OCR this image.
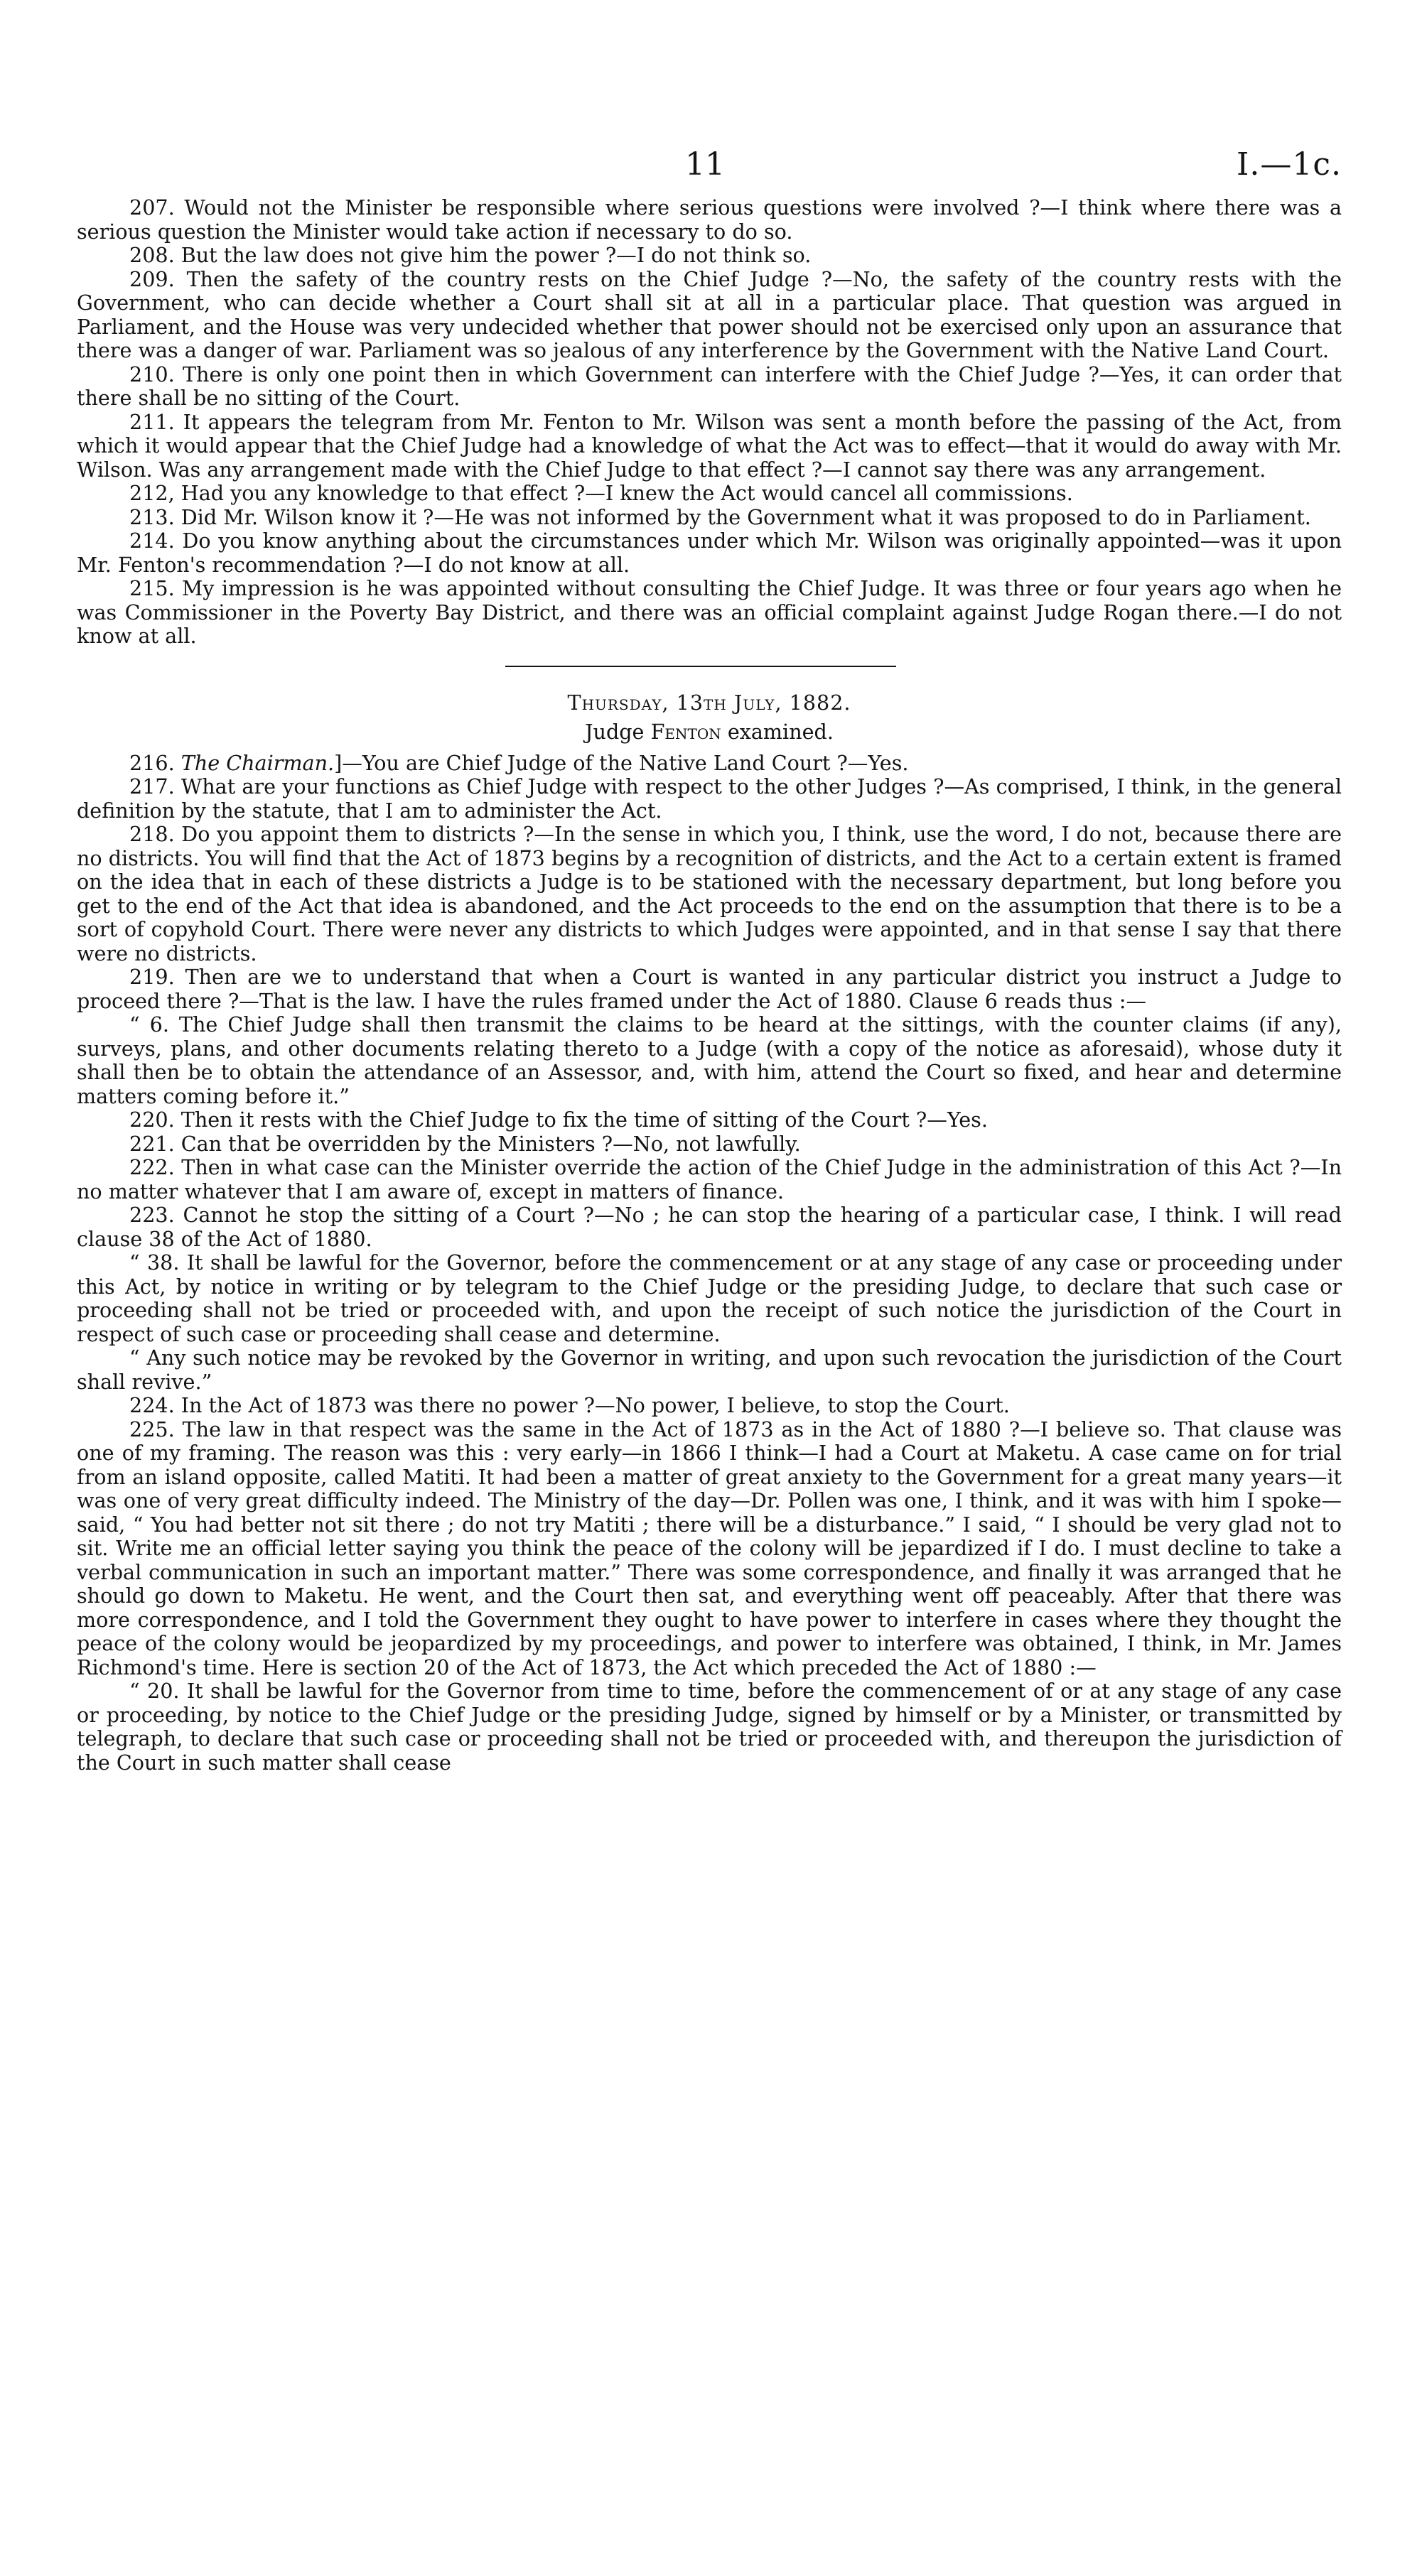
11	I.—1c.

207. Would not the Minister be responsible where serious questions were involved ?—I think where there was a serious question the Minister would take action if necessary to do so.

208. But the law does not give him the power ?—I do not think so.

209. Then the safety of the country rests on the Chief Judge ?—No, the safety of the country rests with the Government, who can decide whether a Court shall sit at all in a particular place. That question was argued in Parliament, and the House was very undecided whether that power should not be exercised only upon an assurance that there was a danger of war. Parliament was so jealous of any interference by the Government with the Native Land Court.

210. There is only one point then in which Government can interfere with the Chief Judge ?—Yes, it can order that there shall be no sitting of the Court.

211. It appears the telegram from Mr. Fenton to Mr. Wilson was sent a month before the passing of the Act, from which it would appear that the Chief Judge had a knowledge of what the Act was to effect—that it would do away with Mr. Wilson. Was any arrangement made with the Chief Judge to that effect ?—I cannot say there was any arrangement.

212, Had you any knowledge to that effect ?—I knew the Act would cancel all commissions.

213. Did Mr. Wilson know it ?—He was not informed by the Government what it was proposed to do in Parliament.

214. Do you know anything about the circumstances under which Mr. Wilson was originally appointed—was it upon Mr. Fenton's recommendation ?—I do not know at all.

215. My impression is he was appointed without consulting the Chief Judge. It was three or four years ago when he was Commissioner in the Poverty Bay District, and there was an official complaint against Judge Rogan there.—I do not know at all.

Thursday, 13th July, 1882.

Judge Fenton examined.

216. The Chairman.]—You are Chief Judge of the Native Land Court ?—Yes.

217. What are your functions as Chief Judge with respect to the other Judges ?—As comprised, I think, in the general definition by the statute, that I am to administer the Act.

218. Do you appoint them to districts ?—In the sense in which you, I think, use the word, I do not, because there are no districts. You will find that the Act of 1873 begins by a recognition of districts, and the Act to a certain extent is framed on the idea that in each of these districts a Judge is to be stationed with the necessary department, but long before you get to the end of the Act that idea is abandoned, and the Act proceeds to the end on the assumption that there is to be a sort of copyhold Court. There were never any districts to which Judges were appointed, and in that sense I say that there were no districts.

219. Then are we to understand that when a Court is wanted in any particular district you instruct a Judge to proceed there ?—That is the law. I have the rules framed under the Act of 1880. Clause 6 reads thus :—

“ 6. The Chief Judge shall then transmit the claims to be heard at the sittings, with the counter claims (if any), surveys, plans, and other documents relating thereto to a Judge (with a copy of the notice as aforesaid), whose duty it shall then be to obtain the attendance of an Assessor, and, with him, attend the Court so fixed, and hear and determine matters coming before it.”

220. Then it rests with the Chief Judge to fix the time of sitting of the Court ?—Yes.

221. Can that be overridden by the Ministers ?—No, not lawfully.

222. Then in what case can the Minister override the action of the Chief Judge in the administration of this Act ?—In no matter whatever that I am aware of, except in matters of finance.

223. Cannot he stop the sitting of a Court ?—No ; he can stop the hearing of a particular case, I think. I will read clause 38 of the Act of 1880.

“ 38. It shall be lawful for the Governor, before the commencement or at any stage of any case or proceeding under this Act, by notice in writing or by telegram to the Chief Judge or the presiding Judge, to declare that such case or proceeding shall not be tried or proceeded with, and upon the receipt of such notice the jurisdiction of the Court in respect of such case or proceeding shall cease and determine.

“ Any such notice may be revoked by the Governor in writing, and upon such revocation the jurisdiction of the Court shall revive.”

224. In the Act of 1873 was there no power ?—No power, I believe, to stop the Court.

225. The law in that respect was the same in the Act of 1873 as in the Act of 1880 ?—I believe so. That clause was one of my framing. The reason was this : very early—in 1866 I think—I had a Court at Maketu. A case came on for trial from an island opposite, called Matiti. It had been a matter of great anxiety to the Government for a great many years—it was one of very great difficulty indeed. The Ministry of the day—Dr. Pollen was one, I think, and it was with him I spoke—said, “ You had better not sit there ; do not try Matiti ; there will be a disturbance.” I said, “ I should be very glad not to sit. Write me an official letter saying you think the peace of the colony will be jepardized if I do. I must decline to take a verbal communication in such an important matter.” There was some correspondence, and finally it was arranged that he should go down to Maketu. He went, and the Court then sat, and everything went off peaceably. After that there was more correspondence, and I told the Government they ought to have power to interfere in cases where they thought the peace of the colony would be jeopardized by my proceedings, and power to interfere was obtained, I think, in Mr. James Richmond's time. Here is section 20 of the Act of 1873, the Act which preceded the Act of 1880 :—

“ 20. It shall be lawful for the Governor from time to time, before the commencement of or at any stage of any case or proceeding, by notice to the Chief Judge or the presiding Judge, signed by himself or by a Minister, or transmitted by telegraph, to declare that such case or proceeding shall not be tried or proceeded with, and thereupon the jurisdiction of the Court in such matter shall cease
